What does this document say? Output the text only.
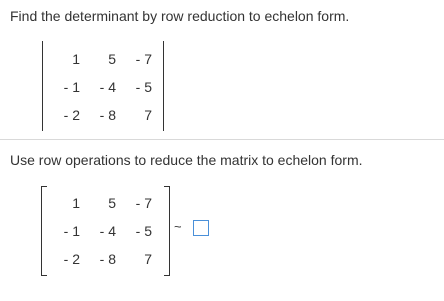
Find the determinant by row reduction to echelon form.
1	5	- 7
- 1	- 4	- 5
- 2	- 8	7
Use row operations to reduce the matrix to echelon form.
1	5	- 7
- 1	- 4	- 5
- 2	- 8	7
~
